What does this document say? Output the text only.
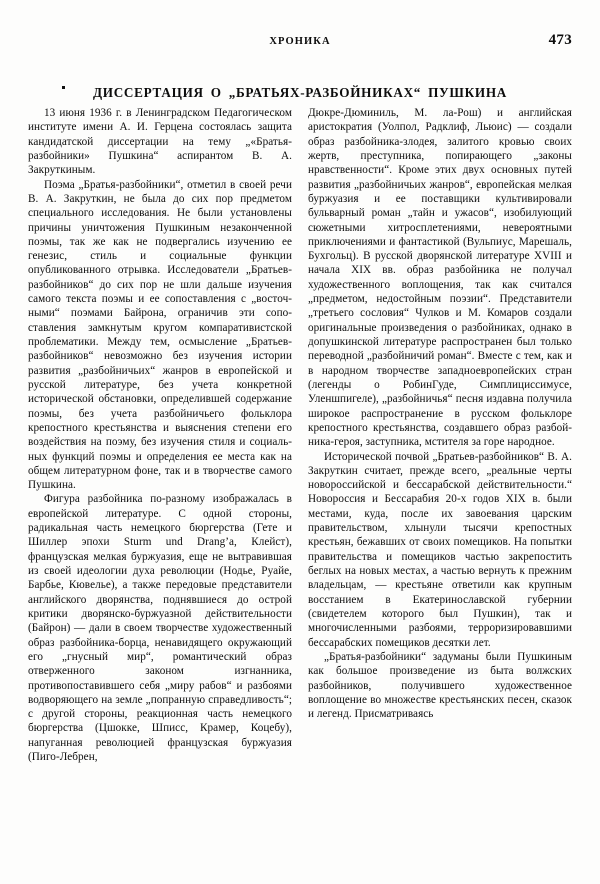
ХРОНИКА	473
ДИССЕРТАЦИЯ О „БРАТЬЯХ-РАЗБОЙНИКАХ“ ПУШКИНА

13 июня 1936 г. в Ленинградском Педагогическом институте имени А. И. Герцена состоялась защита кандидатской диссертации на тему „«Братья-разбойники» Пушкина“ аспирантом В. А. Закруткиным.

Поэма „Братья-разбойники“, отметил в своей речи В. А. Закруткин, не была до сих пор предметом специального исследования. Не были установлены причины уничтожения Пушкиным незаконченной поэмы, так же как не подвергались изучению ее генезис, стиль и социальные функции опубликованного отрывка. Исследователи „Братьев-разбойников“ до сих пор не шли дальше изучения самого текста поэмы и ее сопоставления с „восточными“ поэмами Байрона, ограничив эти сопоставления замкнутым кругом компаративистской проблематики. Между тем, осмысление „Братьев-разбойников“ невозможно без изучения истории развития „разбойничьих“ жанров в европейской и русской литературе, без учета конкретной исторической обстановки, определившей содержание поэмы, без учета разбойничьего фольклора крепостного крестьянства и выяснения степени его воздействия на поэму, без изучения стиля и социальных функций поэмы и определения ее места как на общем литературном фоне, так и в творчестве самого Пушкина.

Фигура разбойника по-разному изображалась в европейской литературе. С одной стороны, радикальная часть немецкого бюргерства (Гете и Шиллер эпохи Sturm und Drang’a, Клейст), французская мелкая буржуазия, еще не вытравившая из своей идеологии духа революции (Нодье, Руайе, Барбье, Кювелье), а также передовые представители английского дворянства, поднявшиеся до острой критики дворянско-буржуазной действительности (Байрон) — дали в своем творчестве художественный образ разбойника-борца, ненавидящего окружающий его „гнусный мир“, романтический образ отверженного законом изгнанника, противопоставившего себя „миру рабов“ и разбоями водворяющего на земле „попранную справедливость“; с другой стороны, реакционная часть немецкого бюргерства (Цшокке, Шписс, Крамер, Коцебу), напуганная революцией французская буржуазия (Пиго-Лебрен,

Дюкре-Дюминиль, М. ла-Рош) и английская аристократия (Уолпол, Радклиф, Льюис) — создали образ разбойника-злодея, залитого кровью своих жертв, преступника, попирающего „законы нравственности“. Кроме этих двух основных путей развития „разбойничьих жанров“, европейская мелкая буржуазия и ее поставщики культивировали бульварный роман „тайн и ужасов“, изобилующий сюжетными хитросплетениями, невероятными приключениями и фантастикой (Вульпиус, Марешаль, Бухгольц). В русской дворянской литературе XVIII и начала XIX вв. образ разбойника не получал художественного воплощения, так как считался „предметом, недостойным поэзии“. Представители „третьего сословия“ Чулков и М. Комаров создали оригинальные произведения о разбойниках, однако в допушкинской литературе распространен был только переводной „разбойничий роман“. Вместе с тем, как и в народном творчестве западноевропейских стран (легенды о РобинГуде, Симплициссимусе, Уленшпигеле), „разбойничья“ песня издавна получила широкое распространение в русском фольклоре крепостного крестьянства, создавшего образ разбойника-героя, заступника, мстителя за горе народное.

Исторической почвой „Братьев-разбойников“ В. А. Закруткин считает, прежде всего, „реальные черты новороссийской и бессарабской действительности.“ Новороссия и Бессарабия 20-х годов XIX в. были местами, куда, после их завоевания царским правительством, хлынули тысячи крепостных крестьян, бежавших от своих помещиков. На попытки правительства и помещиков частью закрепостить беглых на новых местах, а частью вернуть к прежним владельцам, — крестьяне ответили как крупным восстанием в Екатеринославской губернии (свидетелем которого был Пушкин), так и многочисленными разбоями, терроризировавшими бессарабских помещиков десятки лет.

„Братья-разбойники“ задуманы были Пушкиным как большое произведение из быта волжских разбойников, получившего художественное воплощение во множестве крестьянских песен, сказок и легенд. Присматриваясь
